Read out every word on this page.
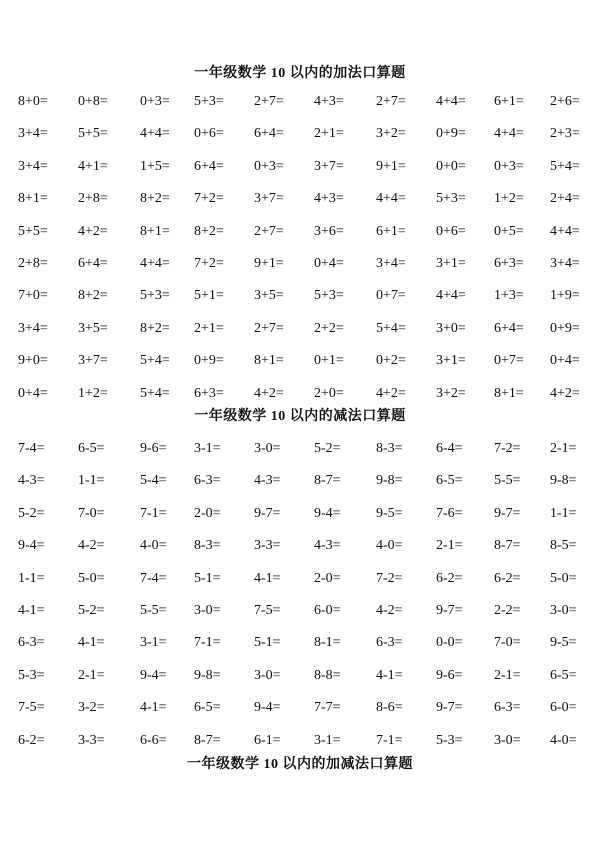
一年级数学 10 以内的加法口算题
8+0=	0+8=	0+3=	5+3=	2+7=	4+3=	2+7=	4+4=	6+1=	2+6=
3+4=	5+5=	4+4=	0+6=	6+4=	2+1=	3+2=	0+9=	4+4=	2+3=
3+4=	4+1=	1+5=	6+4=	0+3=	3+7=	9+1=	0+0=	0+3=	5+4=
8+1=	2+8=	8+2=	7+2=	3+7=	4+3=	4+4=	5+3=	1+2=	2+4=
5+5=	4+2=	8+1=	8+2=	2+7=	3+6=	6+1=	0+6=	0+5=	4+4=
2+8=	6+4=	4+4=	7+2=	9+1=	0+4=	3+4=	3+1=	6+3=	3+4=
7+0=	8+2=	5+3=	5+1=	3+5=	5+3=	0+7=	4+4=	1+3=	1+9=
3+4=	3+5=	8+2=	2+1=	2+7=	2+2=	5+4=	3+0=	6+4=	0+9=
9+0=	3+7=	5+4=	0+9=	8+1=	0+1=	0+2=	3+1=	0+7=	0+4=
0+4=	1+2=	5+4=	6+3=	4+2=	2+0=	4+2=	3+2=	8+1=	4+2=
一年级数学 10 以内的减法口算题
7-4=	6-5=	9-6=	3-1=	3-0=	5-2=	8-3=	6-4=	7-2=	2-1=
4-3=	1-1=	5-4=	6-3=	4-3=	8-7=	9-8=	6-5=	5-5=	9-8=
5-2=	7-0=	7-1=	2-0=	9-7=	9-4=	9-5=	7-6=	9-7=	1-1=
9-4=	4-2=	4-0=	8-3=	3-3=	4-3=	4-0=	2-1=	8-7=	8-5=
1-1=	5-0=	7-4=	5-1=	4-1=	2-0=	7-2=	6-2=	6-2=	5-0=
4-1=	5-2=	5-5=	3-0=	7-5=	6-0=	4-2=	9-7=	2-2=	3-0=
6-3=	4-1=	3-1=	7-1=	5-1=	8-1=	6-3=	0-0=	7-0=	9-5=
5-3=	2-1=	9-4=	9-8=	3-0=	8-8=	4-1=	9-6=	2-1=	6-5=
7-5=	3-2=	4-1=	6-5=	9-4=	7-7=	8-6=	9-7=	6-3=	6-0=
6-2=	3-3=	6-6=	8-7=	6-1=	3-1=	7-1=	5-3=	3-0=	4-0=
一年级数学 10 以内的加减法口算题
